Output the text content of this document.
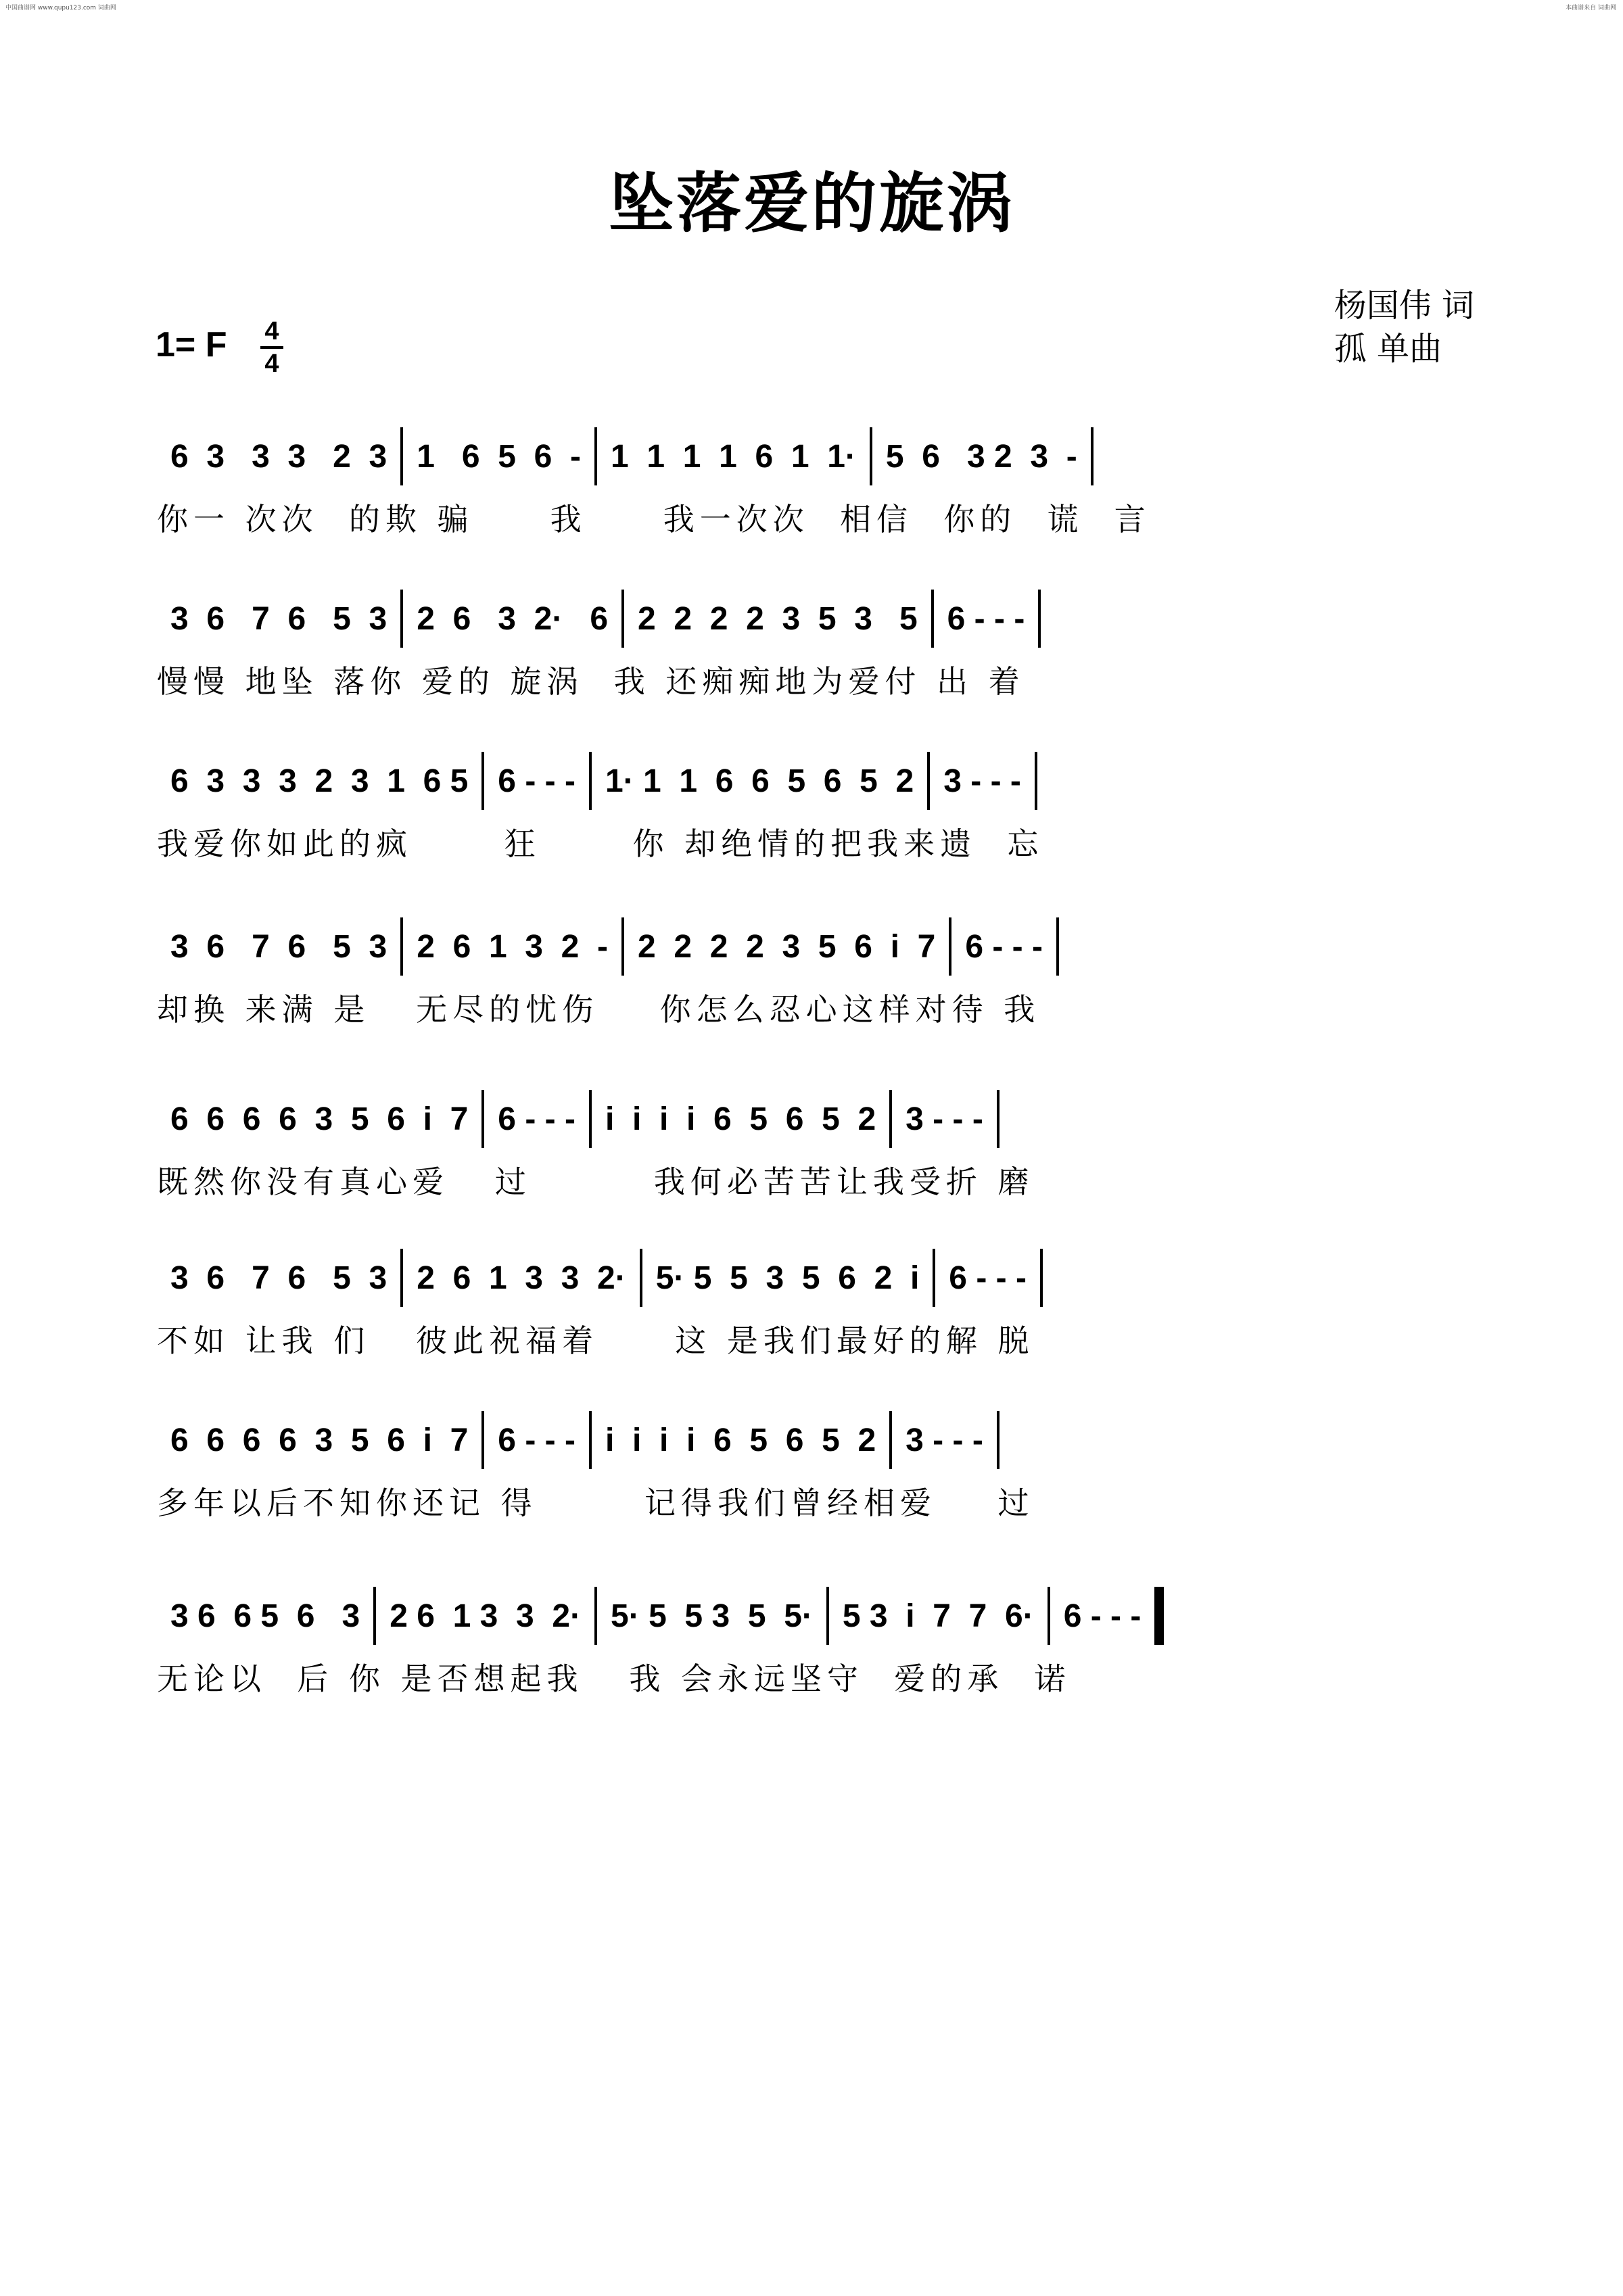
中国曲谱网 www.qupu123.com 词曲网	本曲谱来自 词曲网
坠落爱的旋涡
杨国伟 词
孤 单曲
1= F 4
4
6  3   3  3   2  3 1   6  5  6  - 1  1  1  1  6  1  1· 5  6   3 2  3  -
你一 次次  的欺 骗     我     我一次次  相信  你的  谎  言
3  6   7  6   5  3 2  6   3  2·   6 2  2  2  2  3  5  3   5 6 - - -
慢慢 地坠 落你 爱的 旋涡  我 还痴痴地为爱付 出 着
6  3  3  3  2  3  1  6 5 6 - - - 1· 1  1  6  6  5  6  5  2 3 - - -
我爱你如此的疯      狂      你 却绝情的把我来遗  忘
3  6   7  6   5  3 2  6  1  3  2  - 2  2  2  2  3  5  6  i  7 6 - - -
却换 来满 是   无尽的忧伤    你怎么忍心这样对待 我
6  6  6  6  3  5  6  i  7 6 - - - i  i  i  i  6  5  6  5  2 3 - - -
既然你没有真心爱   过        我何必苦苦让我受折 磨
3  6   7  6   5  3 2  6  1  3  3  2· 5· 5  5  3  5  6  2  i 6 - - -
不如 让我 们   彼此祝福着     这 是我们最好的解 脱
6  6  6  6  3  5  6  i  7 6 - - - i  i  i  i  6  5  6  5  2 3 - - -
多年以后不知你还记 得       记得我们曾经相爱    过
3 6  6 5  6   3 2 6  1 3  3  2· 5· 5  5 3  5  5· 5 3  i  7  7  6· 6 - - -
无论以  后 你 是否想起我   我 会永远坚守  爱的承  诺
